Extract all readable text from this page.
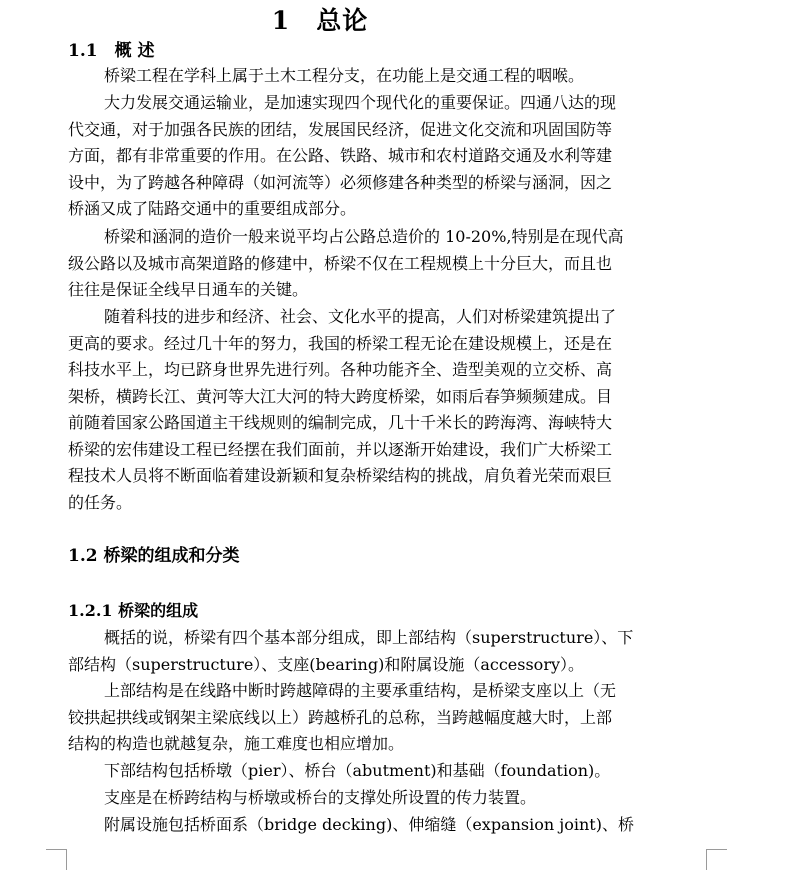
1　总论
1.1　概 述
桥梁工程在学科上属于土木工程分支，在功能上是交通工程的咽喉。
大力发展交通运输业，是加速实现四个现代化的重要保证。四通八达的现
代交通，对于加强各民族的团结，发展国民经济，促进文化交流和巩固国防等
方面，都有非常重要的作用。在公路、铁路、城市和农村道路交通及水利等建
设中，为了跨越各种障碍（如河流等）必须修建各种类型的桥梁与涵洞，因之
桥涵又成了陆路交通中的重要组成部分。
桥梁和涵洞的造价一般来说平均占公路总造价的 10-20%,特别是在现代高
级公路以及城市高架道路的修建中，桥梁不仅在工程规模上十分巨大，而且也
往往是保证全线早日通车的关键。
随着科技的进步和经济、社会、文化水平的提高，人们对桥梁建筑提出了
更高的要求。经过几十年的努力，我国的桥梁工程无论在建设规模上，还是在
科技水平上，均已跻身世界先进行列。各种功能齐全、造型美观的立交桥、高
架桥，横跨长江、黄河等大江大河的特大跨度桥梁，如雨后春笋频频建成。目
前随着国家公路国道主干线规则的编制完成，几十千米长的跨海湾、海峡特大
桥梁的宏伟建设工程已经摆在我们面前，并以逐渐开始建设，我们广大桥梁工
程技术人员将不断面临着建设新颖和复杂桥梁结构的挑战，肩负着光荣而艰巨
的任务。
1.2 桥梁的组成和分类
1.2.1 桥梁的组成
概括的说，桥梁有四个基本部分组成，即上部结构（superstructure）、下
部结构（superstructure）、支座(bearing)和附属设施（accessory）。
上部结构是在线路中断时跨越障碍的主要承重结构，是桥梁支座以上（无
铰拱起拱线或钢架主梁底线以上）跨越桥孔的总称，当跨越幅度越大时，上部
结构的构造也就越复杂，施工难度也相应增加。
下部结构包括桥墩（pier）、桥台（abutment)和基础（foundation)。
支座是在桥跨结构与桥墩或桥台的支撑处所设置的传力装置。
附属设施包括桥面系（bridge decking)、伸缩缝（expansion joint)、桥
